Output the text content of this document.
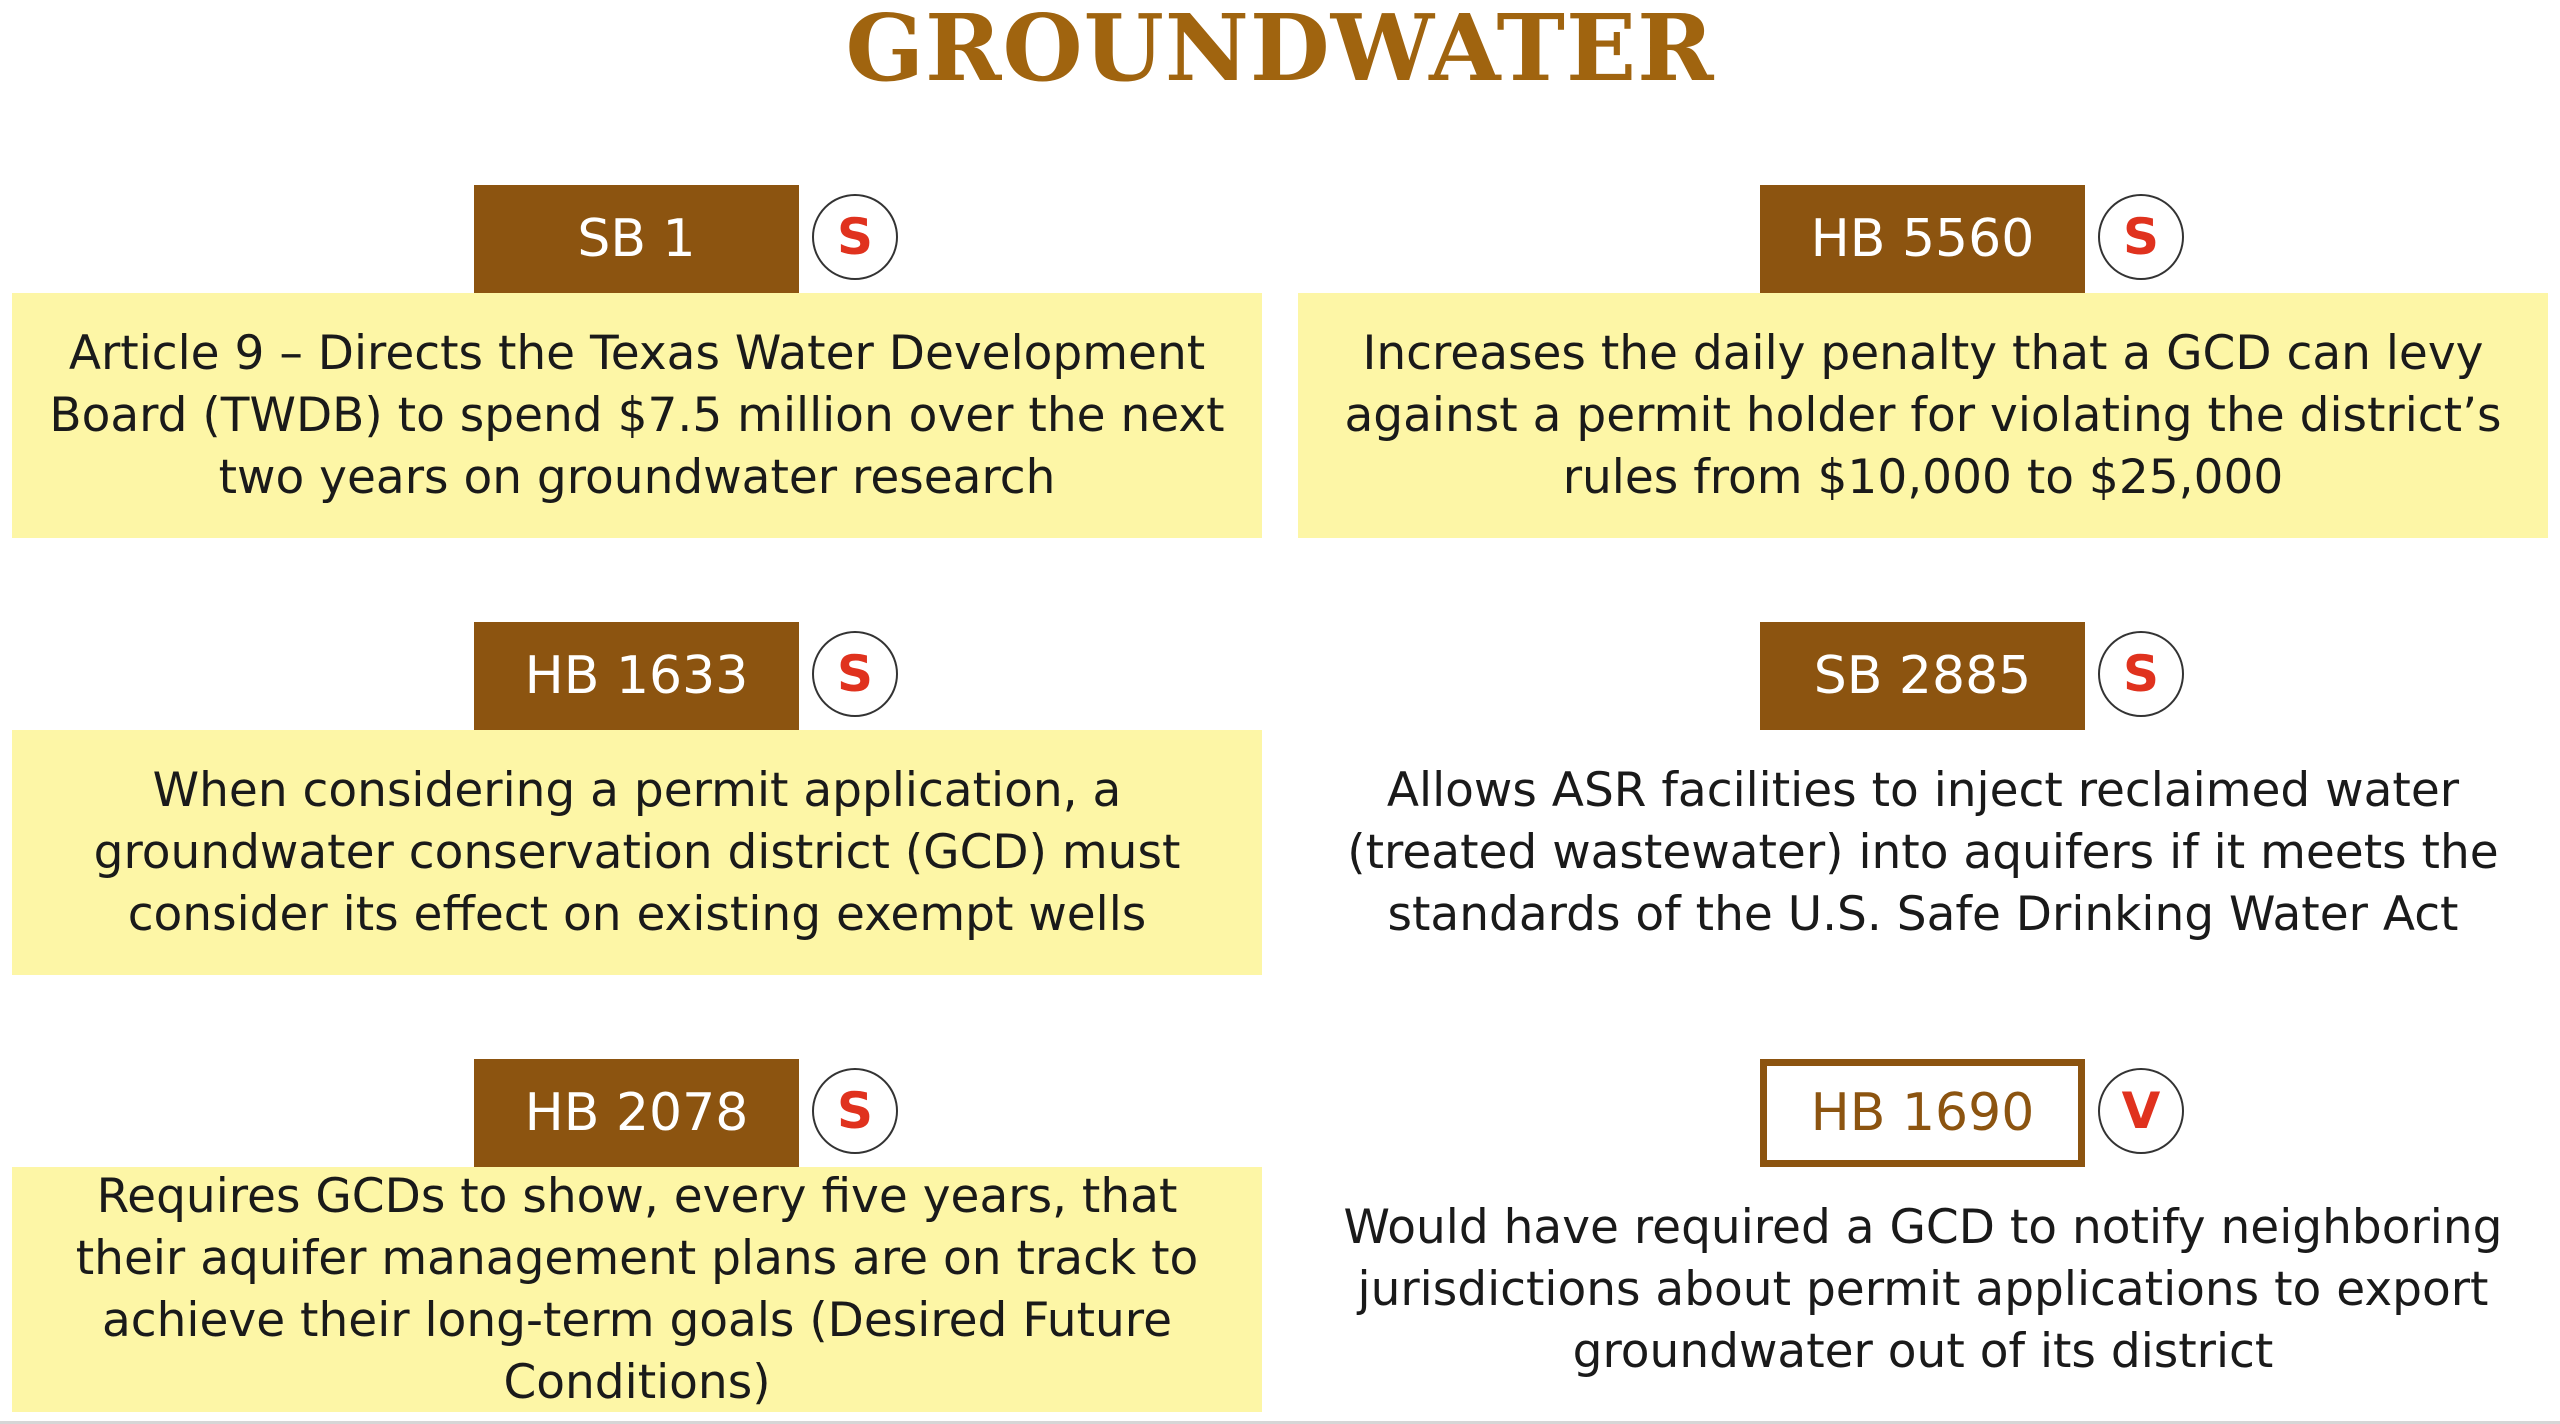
GROUNDWATER
SB 1	S
Article 9 – Directs the Texas Water Development Board (TWDB) to spend $7.5 million over the next two years on groundwater research
HB 5560	S
Increases the daily penalty that a GCD can levy against a permit holder for violating the district’s rules from $10,000 to $25,000
HB 1633	S
When considering a permit application, a groundwater conservation district (GCD) must consider its effect on existing exempt wells
SB 2885	S
Allows ASR facilities to inject reclaimed water (treated wastewater) into aquifers if it meets the standards of the U.S. Safe Drinking Water Act
HB 2078	S
Requires GCDs to show, every five years, that their aquifer management plans are on track to achieve their long-term goals (Desired Future Conditions)
HB 1690	V
Would have required a GCD to notify neighboring jurisdictions about permit applications to export groundwater out of its district
